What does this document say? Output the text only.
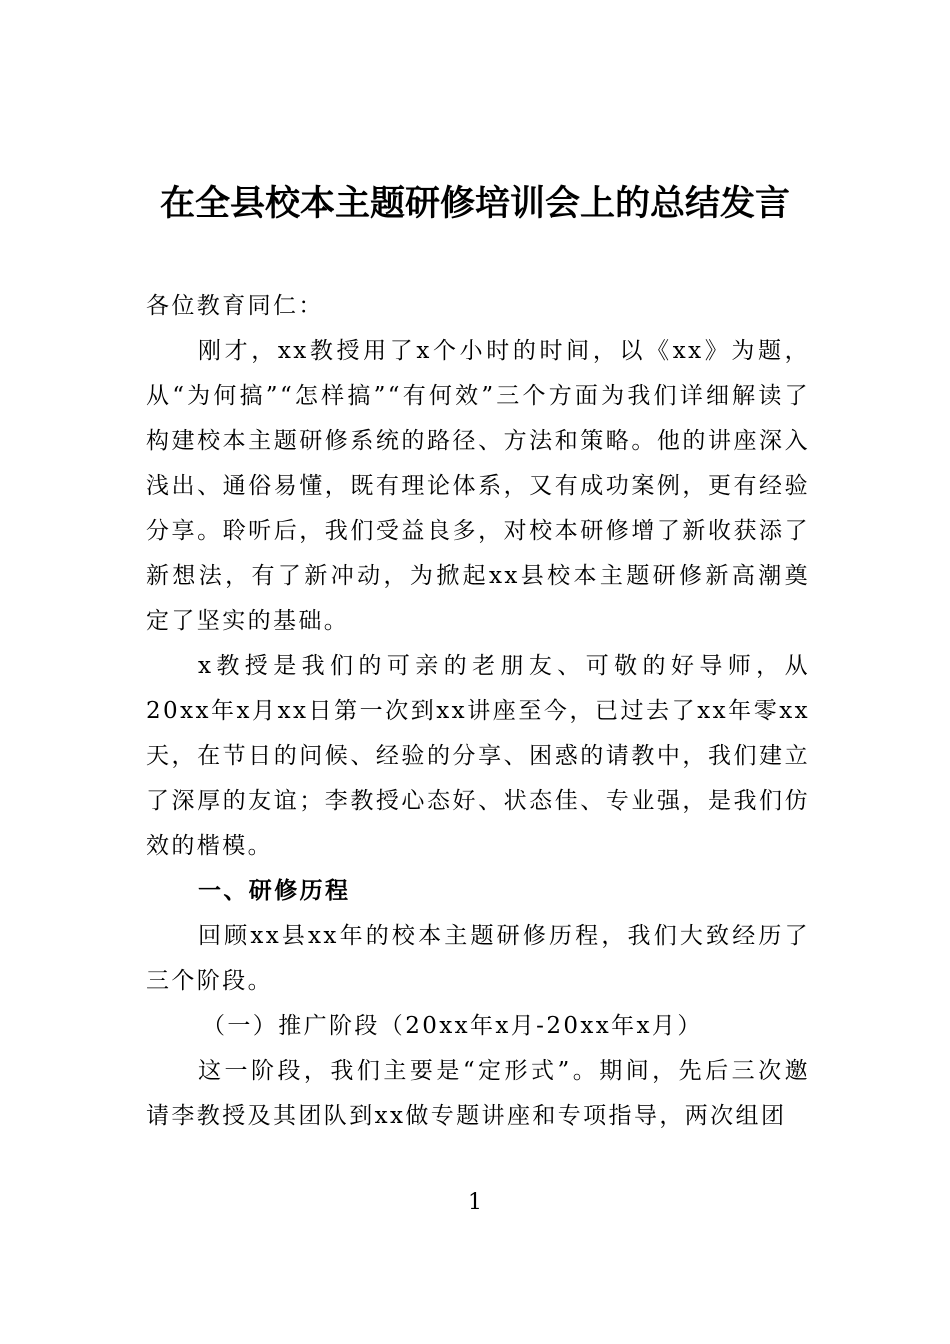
在全县校本主题研修培训会上的总结发言

各位教育同仁：

刚才，xx教授用了x个小时的时间，以《xx》为题，从“为何搞”“怎样搞”“有何效”三个方面为我们详细解读了构建校本主题研修系统的路径、方法和策略。他的讲座深入浅出、通俗易懂，既有理论体系，又有成功案例，更有经验分享。聆听后，我们受益良多，对校本研修增了新收获添了新想法，有了新冲动，为掀起xx县校本主题研修新高潮奠定了坚实的基础。

x教授是我们的可亲的老朋友、可敬的好导师，从20xx年x月xx日第一次到xx讲座至今，已过去了xx年零xx天，在节日的问候、经验的分享、困惑的请教中，我们建立了深厚的友谊；李教授心态好、状态佳、专业强，是我们仿效的楷模。

一、研修历程

回顾xx县xx年的校本主题研修历程，我们大致经历了三个阶段。

（一）推广阶段（20xx年x月-20xx年x月）

这一阶段，我们主要是“定形式”。期间，先后三次邀请李教授及其团队到xx做专题讲座和专项指导，两次组团

1
